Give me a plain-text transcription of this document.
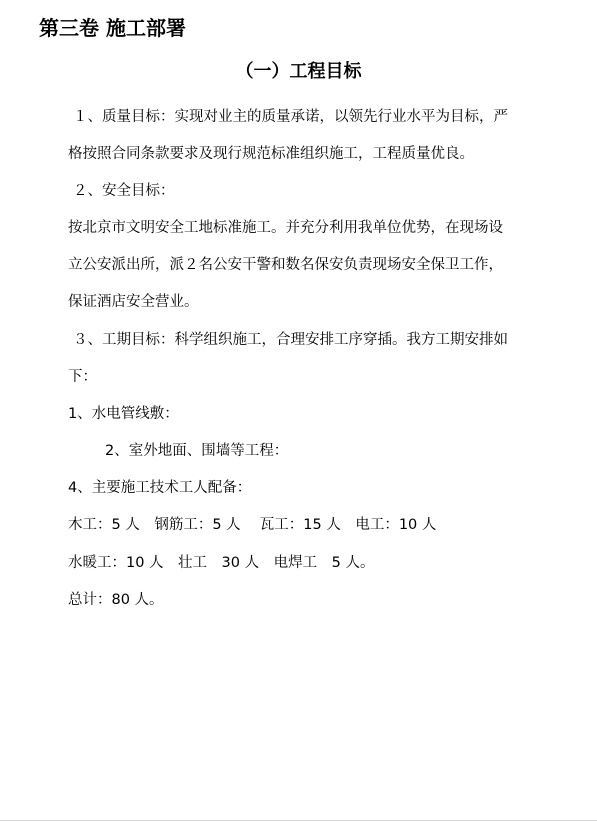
第三卷 施工部署
（一）工程目标
１、质量目标：实现对业主的质量承诺，以领先行业水平为目标，严
格按照合同条款要求及现行规范标准组织施工，工程质量优良。
２、安全目标：
按北京市文明安全工地标准施工。并充分利用我单位优势，在现场设
立公安派出所，派２名公安干警和数名保安负责现场安全保卫工作，
保证酒店安全营业。
３、工期目标：科学组织施工，合理安排工序穿插。我方工期安排如
下：
1、水电管线敷：
2、室外地面、围墙等工程：
4、主要施工技术工人配备：
木工：5 人　钢筋工：5 人　 瓦工：15 人　电工：10 人
水暖工：10 人　壮工　30 人　电焊工　5 人。
总计：80 人。
